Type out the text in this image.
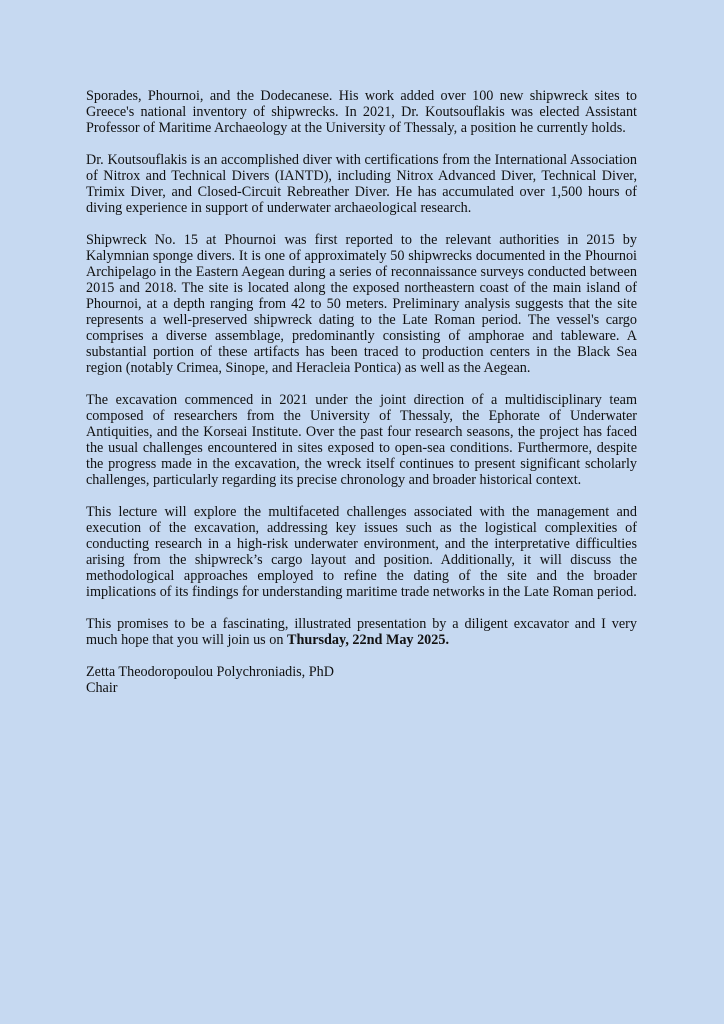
Sporades, Phournoi, and the Dodecanese. His work added over 100 new shipwreck sites to Greece's national inventory of shipwrecks. In 2021, Dr. Koutsouflakis was elected Assistant Professor of Maritime Archaeology at the University of Thessaly, a position he currently holds.

Dr. Koutsouflakis is an accomplished diver with certifications from the International Association of Nitrox and Technical Divers (IANTD), including Nitrox Advanced Diver, Technical Diver, Trimix Diver, and Closed-Circuit Rebreather Diver. He has accumulated over 1,500 hours of diving experience in support of underwater archaeological research.

Shipwreck No. 15 at Phournoi was first reported to the relevant authorities in 2015 by Kalymnian sponge divers. It is one of approximately 50 shipwrecks documented in the Phournoi Archipelago in the Eastern Aegean during a series of reconnaissance surveys conducted between 2015 and 2018. The site is located along the exposed northeastern coast of the main island of Phournoi, at a depth ranging from 42 to 50 meters. Preliminary analysis suggests that the site represents a well-preserved shipwreck dating to the Late Roman period. The vessel's cargo comprises a diverse assemblage, predominantly consisting of amphorae and tableware. A substantial portion of these artifacts has been traced to production centers in the Black Sea region (notably Crimea, Sinope, and Heracleia Pontica) as well as the Aegean.

The excavation commenced in 2021 under the joint direction of a multidisciplinary team composed of researchers from the University of Thessaly, the Ephorate of Underwater Antiquities, and the Korseai Institute. Over the past four research seasons, the project has faced the usual challenges encountered in sites exposed to open-sea conditions. Furthermore, despite the progress made in the excavation, the wreck itself continues to present significant scholarly challenges, particularly regarding its precise chronology and broader historical context.

This lecture will explore the multifaceted challenges associated with the management and execution of the excavation, addressing key issues such as the logistical complexities of conducting research in a high-risk underwater environment, and the interpretative difficulties arising from the shipwreck’s cargo layout and position. Additionally, it will discuss the methodological approaches employed to refine the dating of the site and the broader implications of its findings for understanding maritime trade networks in the Late Roman period.

This promises to be a fascinating, illustrated presentation by a diligent excavator and I very much hope that you will join us on Thursday, 22nd May 2025.

Zetta Theodoropoulou Polychroniadis, PhD
Chair
